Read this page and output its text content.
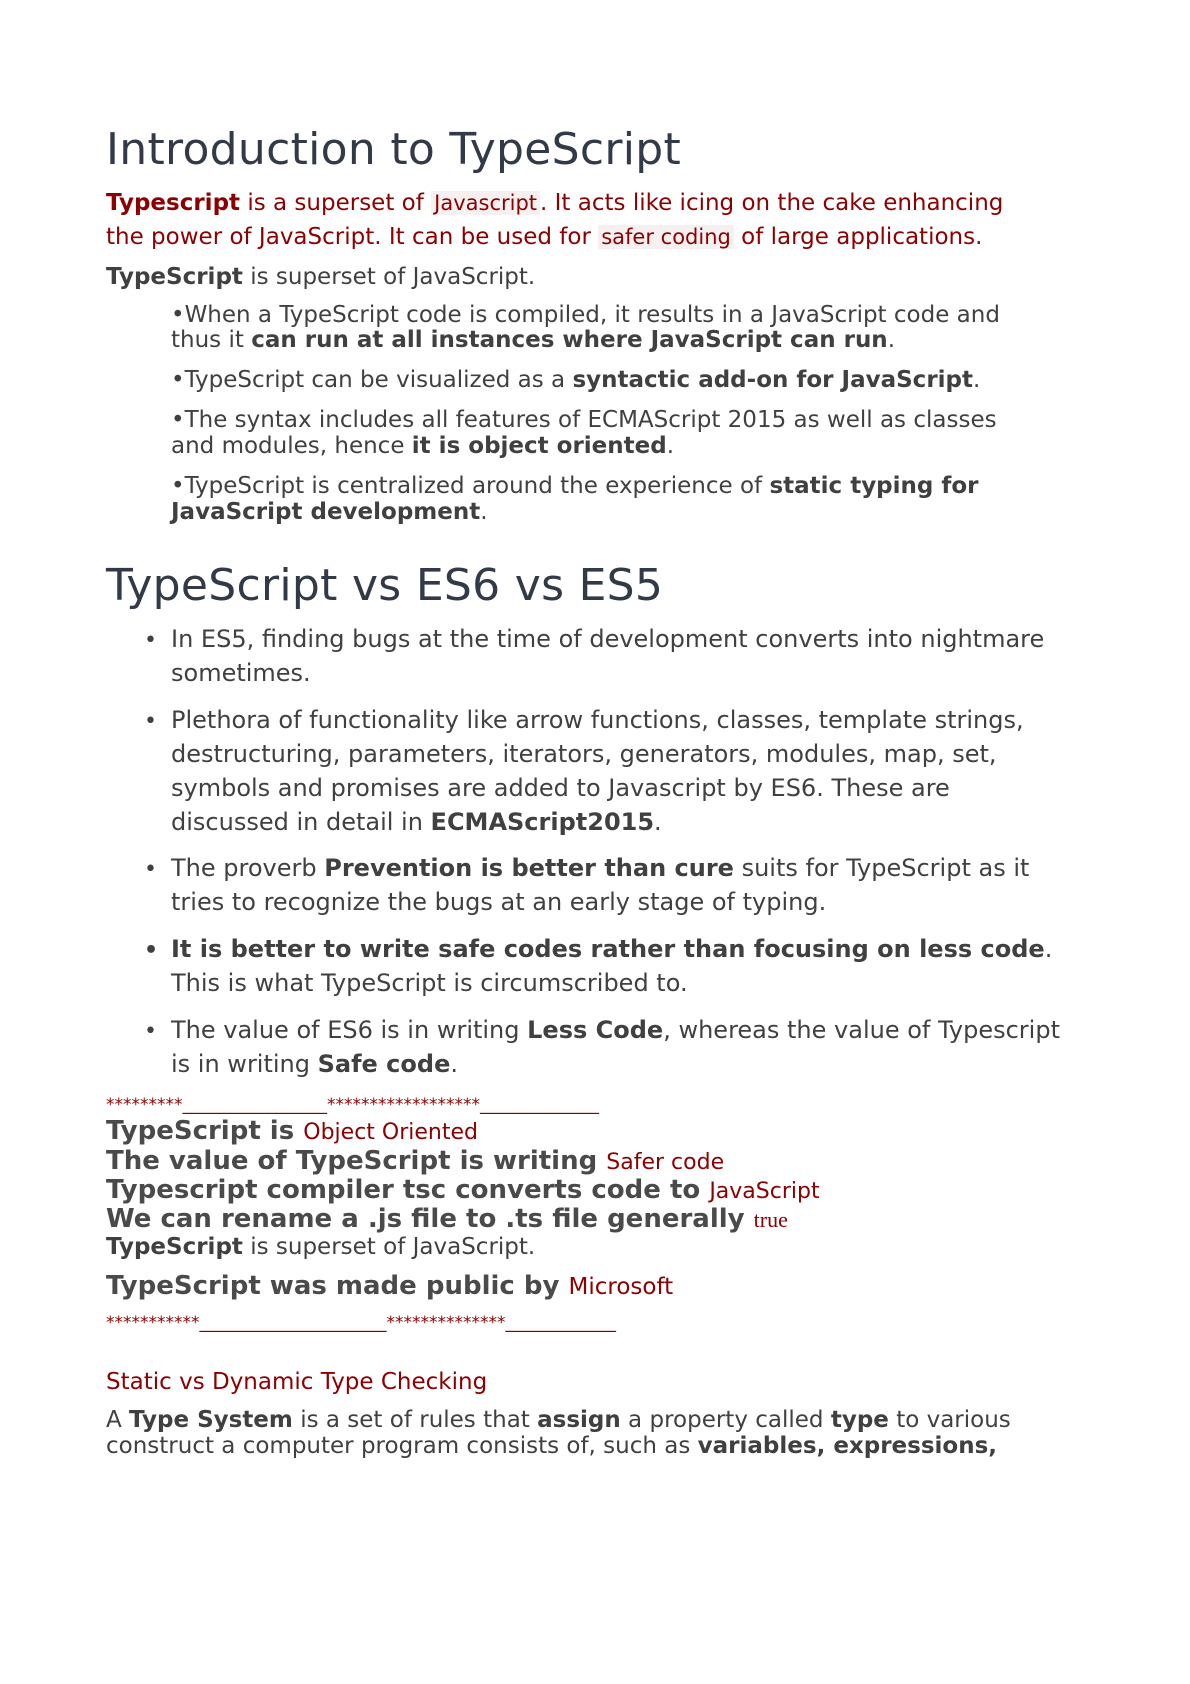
Introduction to TypeScript
Typescript is a superset of Javascript . It acts like icing on the cake enhancing
the power of JavaScript. It can be used for safer coding of large applications.
TypeScript is superset of JavaScript.
•When a TypeScript code is compiled, it results in a JavaScript code and
thus it can run at all instances where JavaScript can run.
•TypeScript can be visualized as a syntactic add-on for JavaScript.
•The syntax includes all features of ECMAScript 2015 as well as classes
and modules, hence it is object oriented.
•TypeScript is centralized around the experience of static typing for
JavaScript development.
TypeScript vs ES6 vs ES5
• In ES5, finding bugs at the time of development converts into nightmare
sometimes.
• Plethora of functionality like arrow functions, classes, template strings,
destructuring, parameters, iterators, generators, modules, map, set,
symbols and promises are added to Javascript by ES6. These are
discussed in detail in ECMAScript2015.
• The proverb Prevention is better than cure suits for TypeScript as it
tries to recognize the bugs at an early stage of typing.
• It is better to write safe codes rather than focusing on less code.
This is what TypeScript is circumscribed to.
• The value of ES6 is in writing Less Code, whereas the value of Typescript
is in writing Safe code.
*********_________________******************______________
TypeScript is Object Oriented
The value of TypeScript is writing Safer code
Typescript compiler tsc converts code to JavaScript
We can rename a .js file to .ts file generally true
TypeScript is superset of JavaScript.
TypeScript was made public by Microsoft
***********______________________**************_____________
Static vs Dynamic Type Checking
A Type System is a set of rules that assign a property called type to various
construct a computer program consists of, such as variables, expressions,
